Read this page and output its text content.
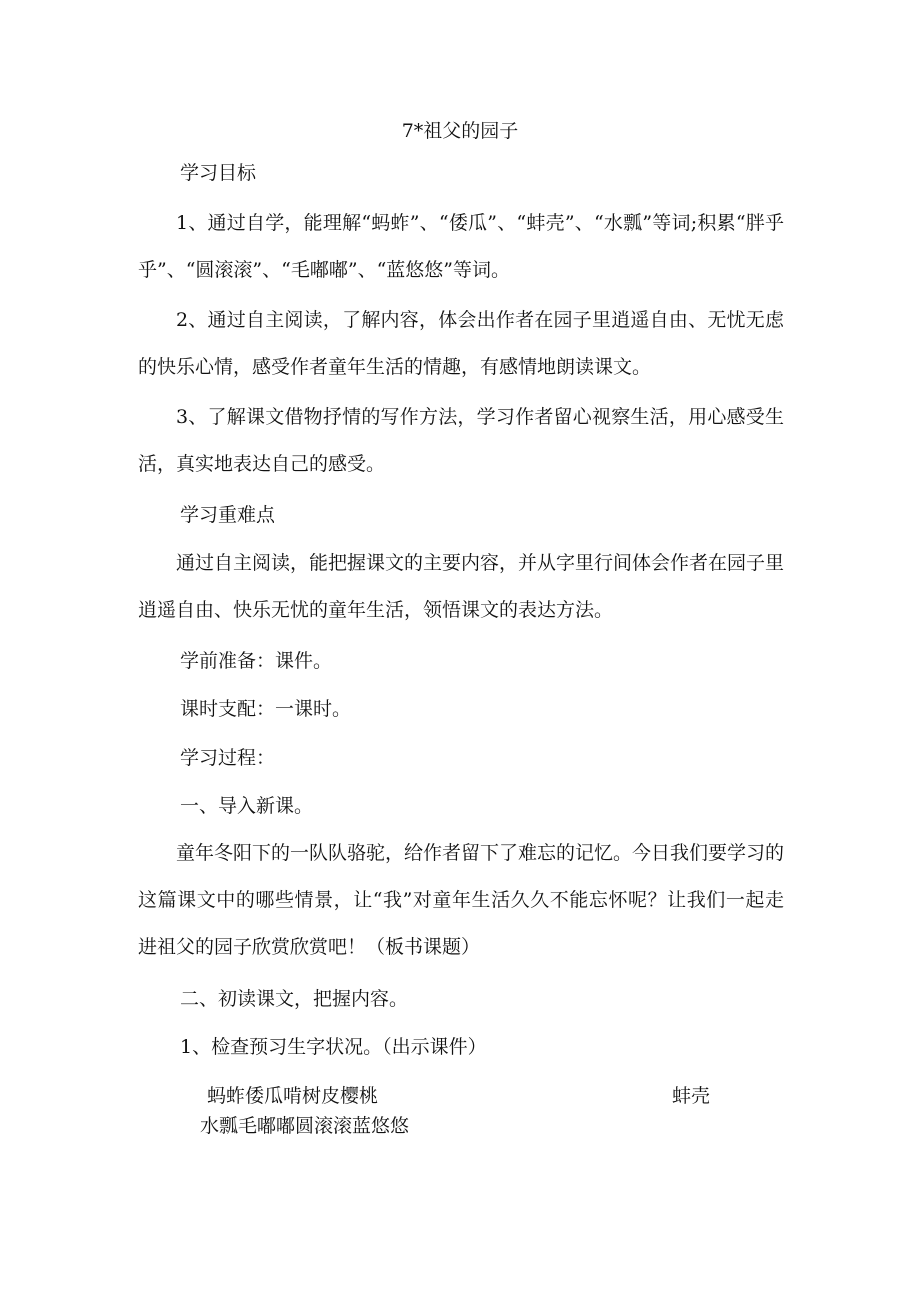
7*祖父的园子
学习目标
1、通过自学，能理解“蚂蚱”、“倭瓜”、“蚌壳”、“水瓢”等词;积累“胖乎乎”、“圆滚滚”、“毛嘟嘟”、“蓝悠悠”等词。
2、通过自主阅读，了解内容，体会出作者在园子里逍遥自由、无忧无虑的快乐心情，感受作者童年生活的情趣，有感情地朗读课文。
3、了解课文借物抒情的写作方法，学习作者留心视察生活，用心感受生活，真实地表达自己的感受。
学习重难点
通过自主阅读，能把握课文的主要内容，并从字里行间体会作者在园子里逍遥自由、快乐无忧的童年生活，领悟课文的表达方法。
学前准备：课件。
课时支配：一课时。
学习过程：
一、导入新课。
童年冬阳下的一队队骆驼，给作者留下了难忘的记忆。今日我们要学习的这篇课文中的哪些情景，让“我”对童年生活久久不能忘怀呢？让我们一起走进祖父的园子欣赏欣赏吧！（板书课题）
二、初读课文，把握内容。
1、检查预习生字状况。（出示课件）
蚂蚱倭瓜啃树皮樱桃	蚌壳
水瓢毛嘟嘟圆滚滚蓝悠悠
